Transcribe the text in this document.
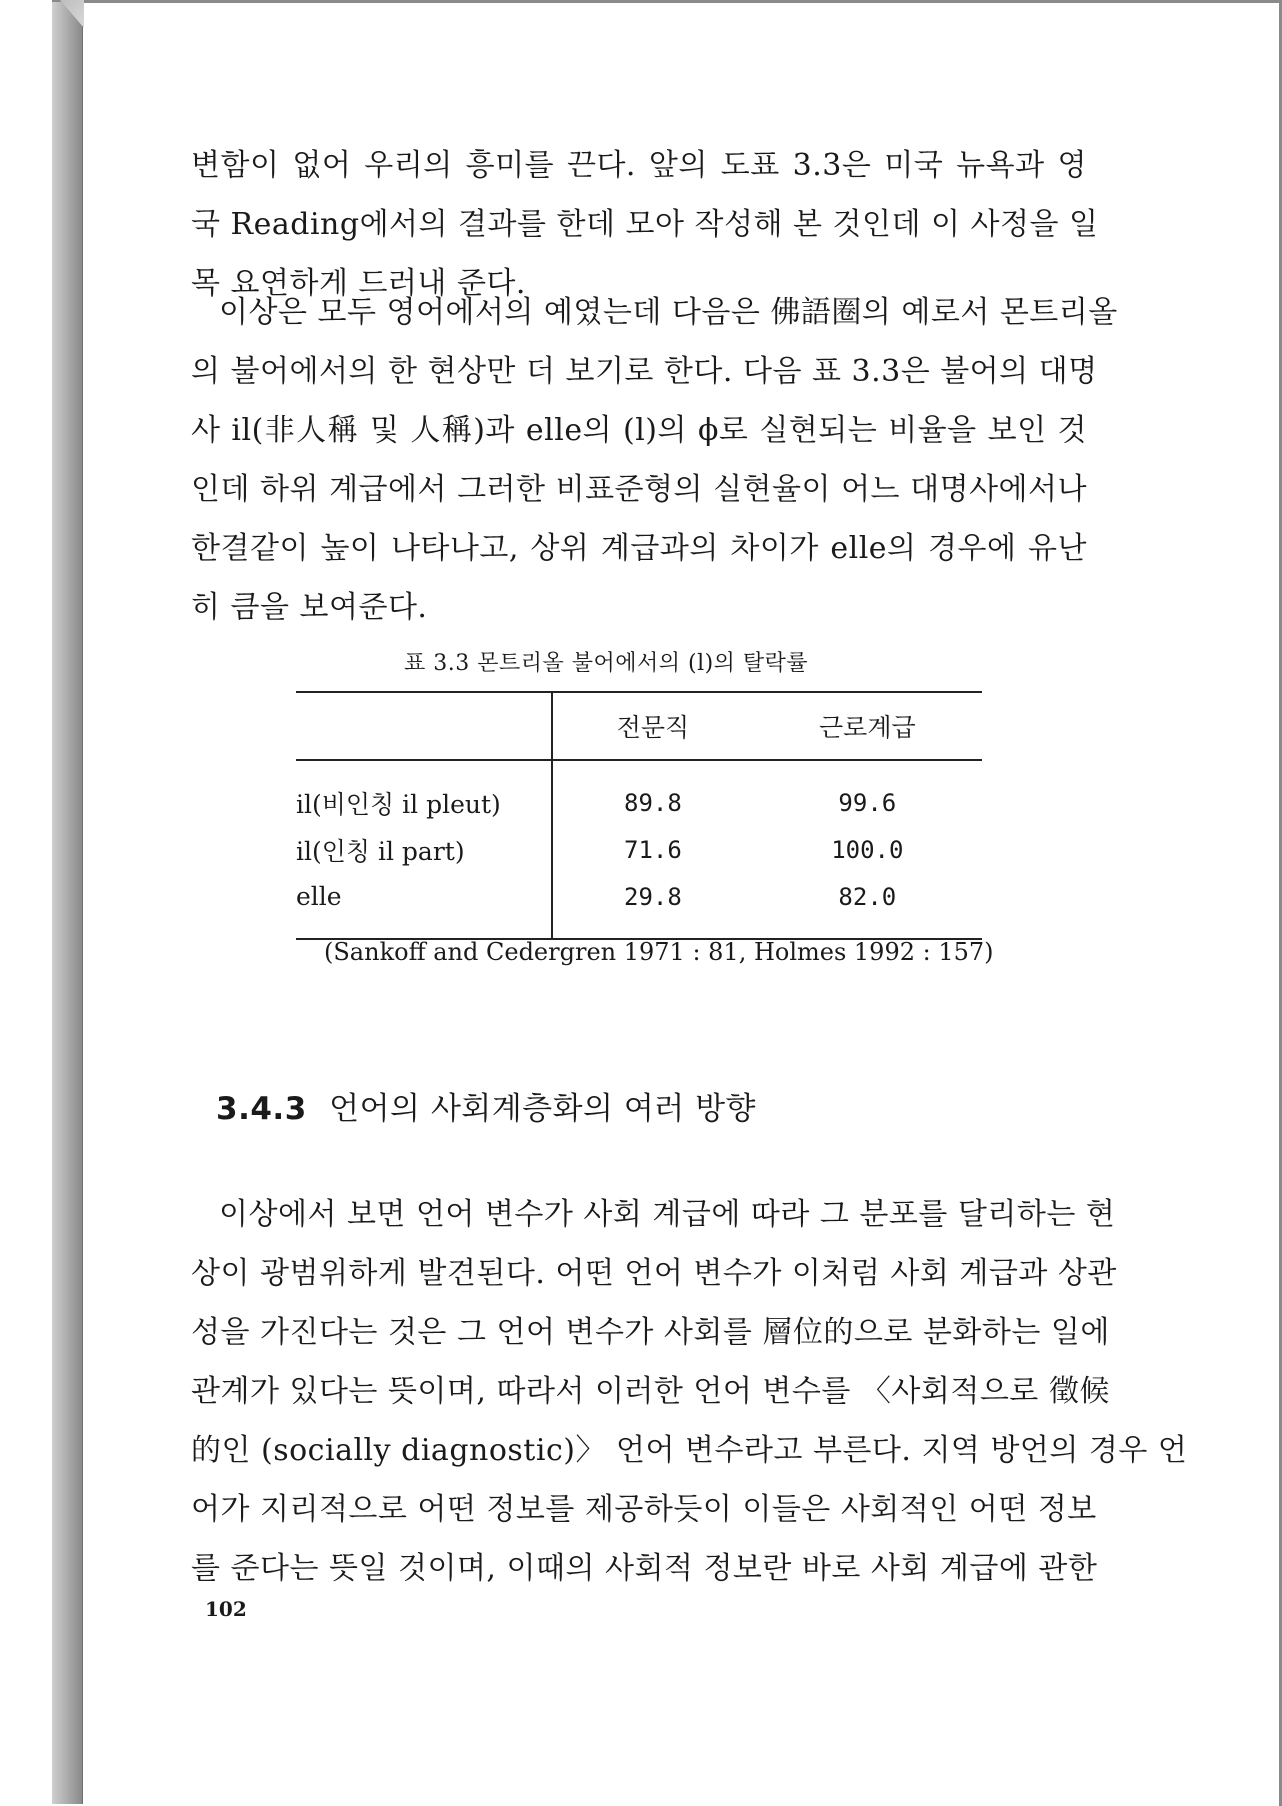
변함이 없어 우리의 흥미를 끈다. 앞의 도표 3.3은 미국 뉴욕과 영
국 Reading에서의 결과를 한데 모아 작성해 본 것인데 이 사정을 일
목 요연하게 드러내 준다.
이상은 모두 영어에서의 예였는데 다음은 佛語圈의 예로서 몬트리올
의 불어에서의 한 현상만 더 보기로 한다. 다음 표 3.3은 불어의 대명
사 il(非人稱 및 人稱)과 elle의 (l)의 ϕ로 실현되는 비율을 보인 것
인데 하위 계급에서 그러한 비표준형의 실현율이 어느 대명사에서나
한결같이 높이 나타나고, 상위 계급과의 차이가 elle의 경우에 유난
히 큼을 보여준다.
표 3.3 몬트리올 불어에서의 (l)의 탈락률
	전문직	근로계급
il(비인칭 il pleut)	89.8	99.6
il(인칭 il part)	71.6	100.0
elle	29.8	82.0
(Sankoff and Cedergren 1971 : 81, Holmes 1992 : 157)
3.4.3 언어의 사회계층화의 여러 방향
이상에서 보면 언어 변수가 사회 계급에 따라 그 분포를 달리하는 현
상이 광범위하게 발견된다. 어떤 언어 변수가 이처럼 사회 계급과 상관
성을 가진다는 것은 그 언어 변수가 사회를 層位的으로 분화하는 일에
관계가 있다는 뜻이며, 따라서 이러한 언어 변수를 〈사회적으로 徵候
的인 (socially diagnostic)〉 언어 변수라고 부른다. 지역 방언의 경우 언
어가 지리적으로 어떤 정보를 제공하듯이 이들은 사회적인 어떤 정보
를 준다는 뜻일 것이며, 이때의 사회적 정보란 바로 사회 계급에 관한
102
